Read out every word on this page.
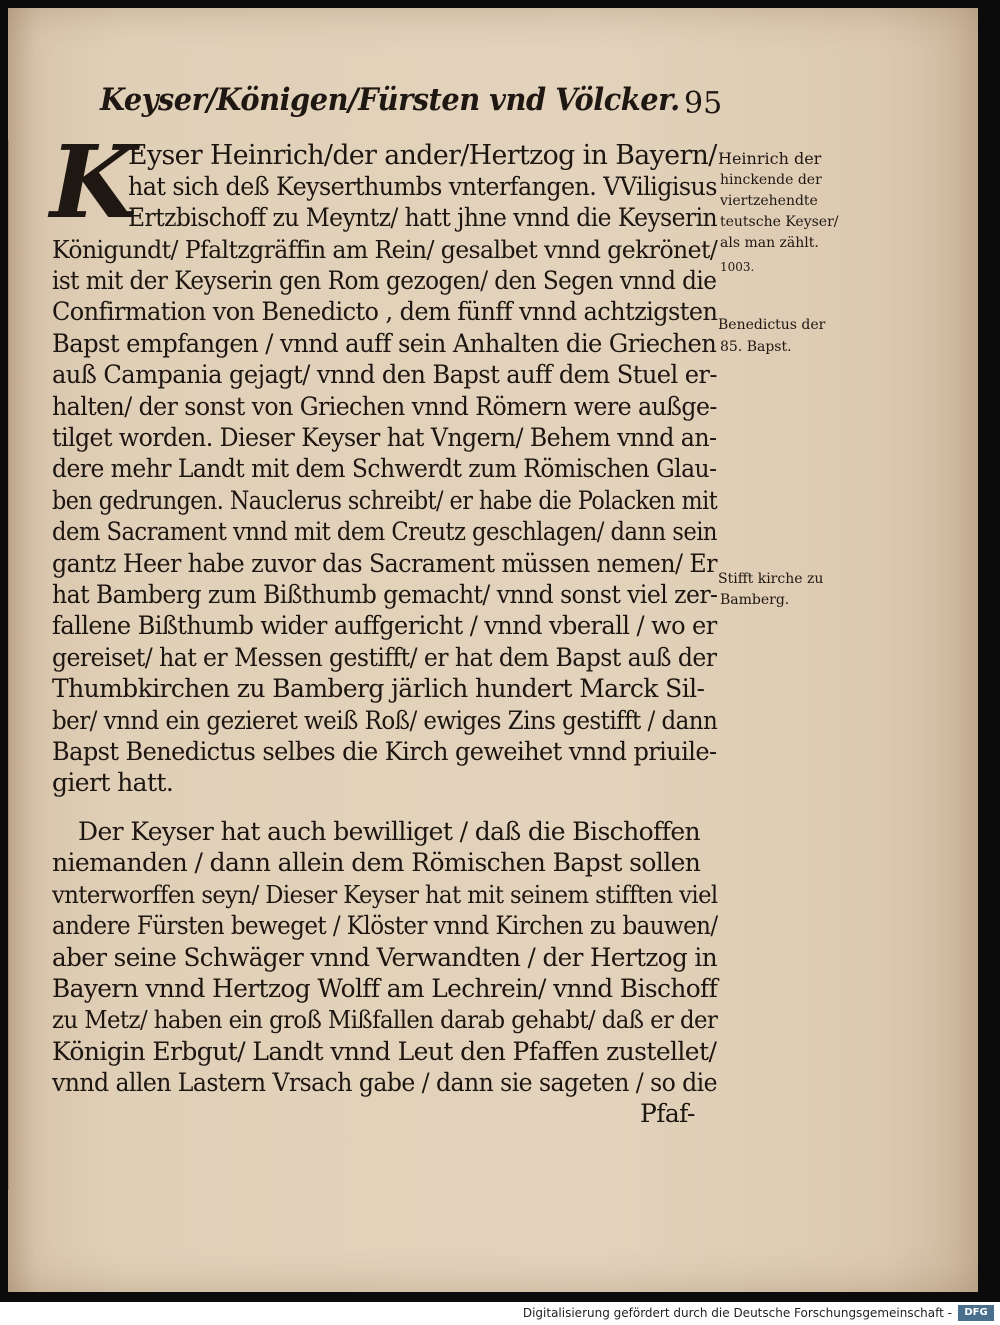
Keyser/Königen/Fürsten vnd Völcker. 95
K
Eyser Heinrich/der ander/Hertzog in Bayern/
hat sich deß Keyserthumbs vnterfangen. VViligisus
Ertzbischoff zu Meyntz/ hatt jhne vnnd die Keyserin
Königundt/ Pfaltzgräffin am Rein/ gesalbet vnnd gekrönet/
ist mit der Keyserin gen Rom gezogen/ den Segen vnnd die
Confirmation von Benedicto , dem fünff vnnd achtzigsten
Bapst empfangen / vnnd auff sein Anhalten die Griechen
auß Campania gejagt/ vnnd den Bapst auff dem Stuel er-
halten/ der sonst von Griechen vnnd Römern were außge-
tilget worden. Dieser Keyser hat Vngern/ Behem vnnd an-
dere mehr Landt mit dem Schwerdt zum Römischen Glau-
ben gedrungen. Nauclerus schreibt/ er habe die Polacken mit
dem Sacrament vnnd mit dem Creutz geschlagen/ dann sein
gantz Heer habe zuvor das Sacrament müssen nemen/ Er
hat Bamberg zum Bißthumb gemacht/ vnnd sonst viel zer-
fallene Bißthumb wider auffgericht / vnnd vberall / wo er
gereiset/ hat er Messen gestifft/ er hat dem Bapst auß der
Thumbkirchen zu Bamberg järlich hundert Marck Sil-
ber/ vnnd ein gezieret weiß Roß/ ewiges Zins gestifft / dann
Bapst Benedictus selbes die Kirch geweihet vnnd priuile-
giert hatt.
Der Keyser hat auch bewilliget / daß die Bischoffen
niemanden / dann allein dem Römischen Bapst sollen
vnterworffen seyn/ Dieser Keyser hat mit seinem stifften viel
andere Fürsten beweget / Klöster vnnd Kirchen zu bauwen/
aber seine Schwäger vnnd Verwandten / der Hertzog in
Bayern vnnd Hertzog Wolff am Lechrein/ vnnd Bischoff
zu Metz/ haben ein groß Mißfallen darab gehabt/ daß er der
Königin Erbgut/ Landt vnnd Leut den Pfaffen zustellet/
vnnd allen Lastern Vrsach gabe / dann sie sageten / so die
Pfaf-
Heinrich der
hinckende der
viertzehendte
teutsche Keyser/
als man zählt.
1003.
Benedictus der
85. Bapst.
Stifft kirche zu
Bamberg.
Digitalisierung gefördert durch die Deutsche Forschungsgemeinschaft -	DFG
